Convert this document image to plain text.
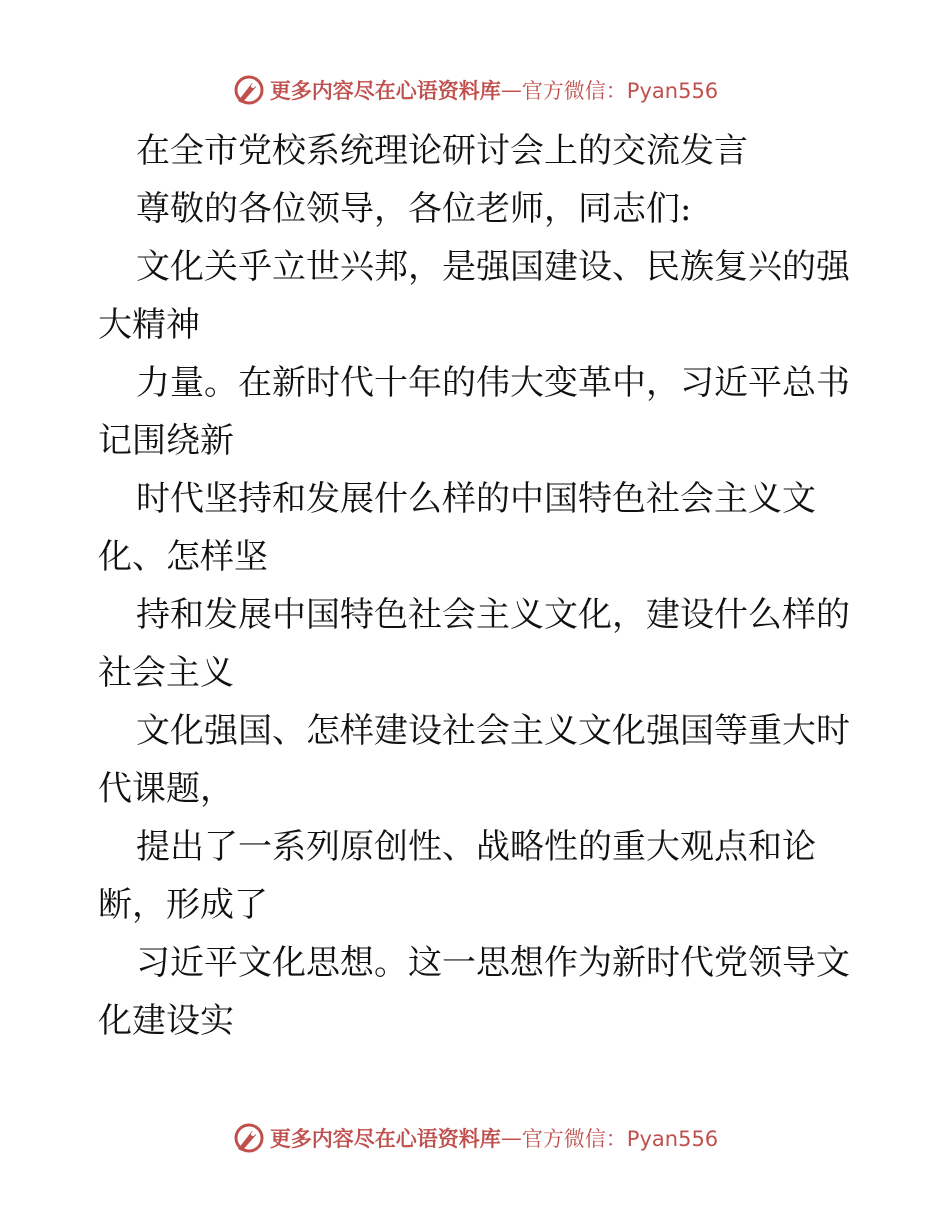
更多内容尽在心语资料库 — 官方微信：Pyan556
在全市党校系统理论研讨会上的交流发言
尊敬的各位领导，各位老师，同志们:
文化关乎立世兴邦，是强国建设、民族复兴的强
大精神
力量。在新时代十年的伟大变革中，习近平总书
记围绕新
时代坚持和发展什么样的中国特色社会主义文
化、怎样坚
持和发展中国特色社会主义文化，建设什么样的
社会主义
文化强国、怎样建设社会主义文化强国等重大时
代课题，
提出了一系列原创性、战略性的重大观点和论
断，形成了
习近平文化思想。这一思想作为新时代党领导文
化建设实
更多内容尽在心语资料库 — 官方微信：Pyan556
